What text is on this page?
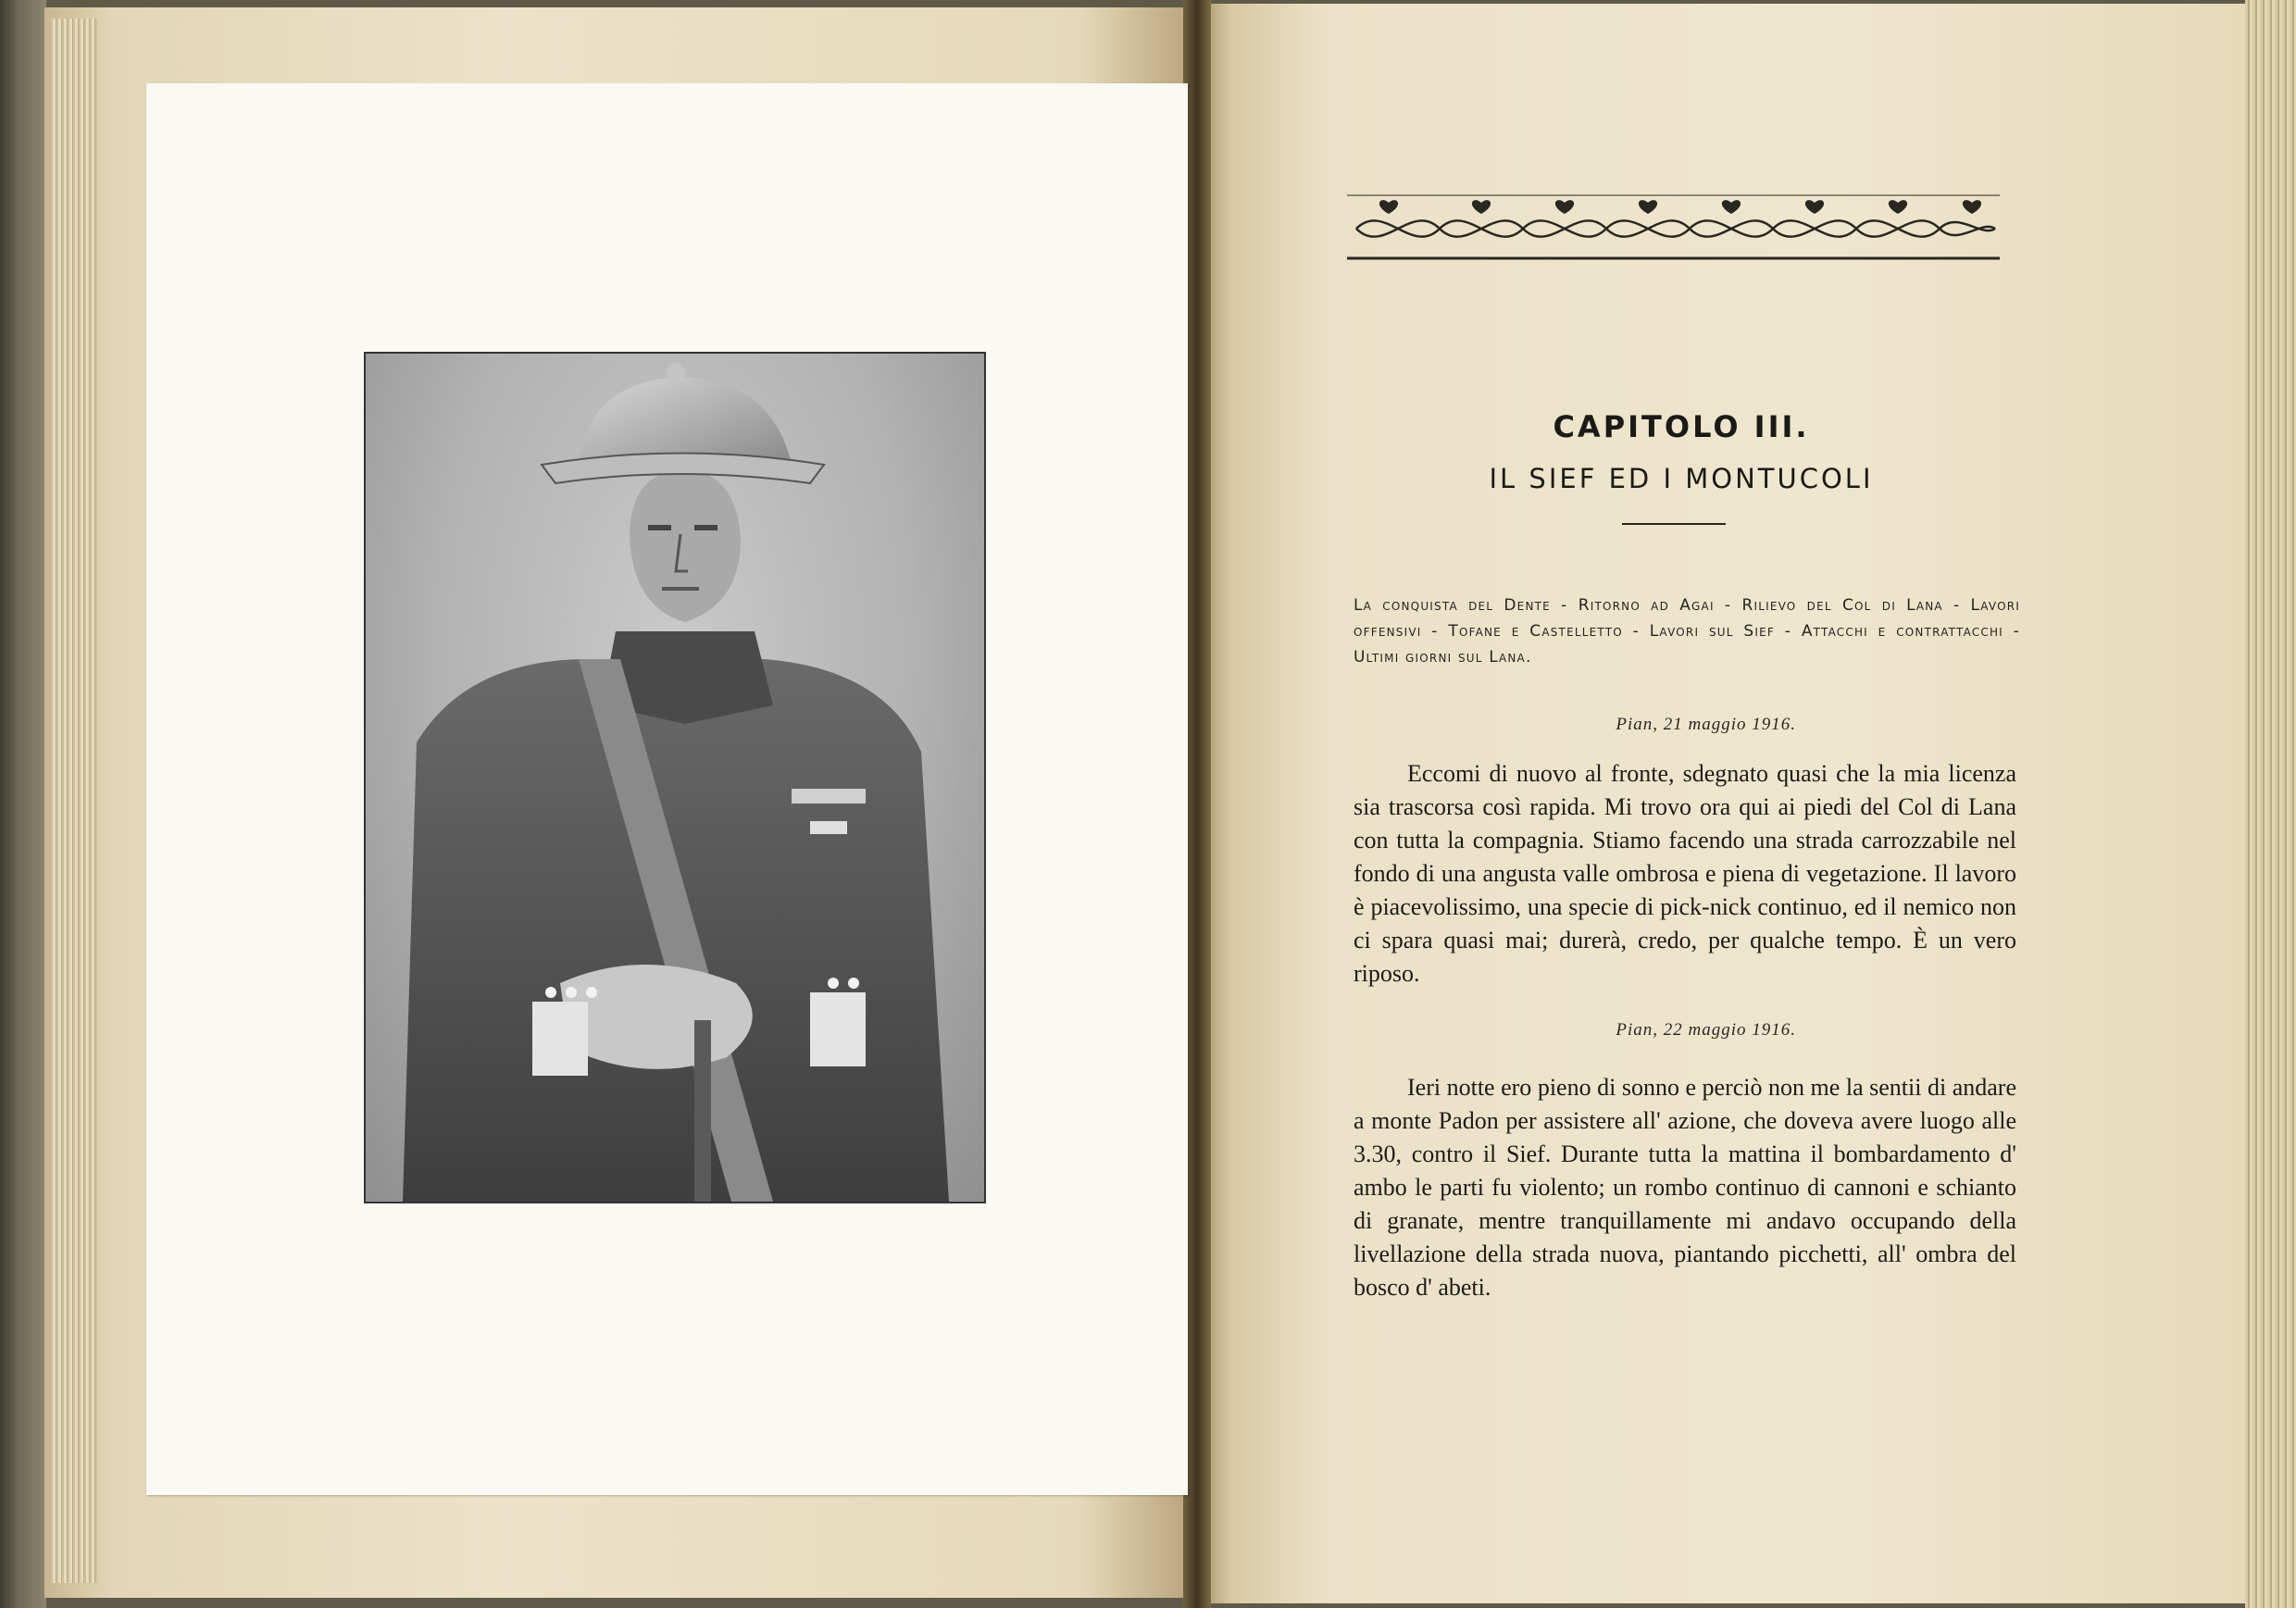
CAPITOLO III.
IL SIEF ED I MONTUCOLI
La conquista del Dente - Ritorno ad Agai - Rilievo del Col di Lana - Lavori offensivi - Tofane e Castelletto - Lavori sul Sief - Attacchi e contrattacchi - Ultimi giorni sul Lana.
Pian, 21 maggio 1916.

Eccomi di nuovo al fronte, sdegnato quasi che la mia licenza sia trascorsa così rapida. Mi trovo ora qui ai piedi del Col di Lana con tutta la compagnia. Stiamo facendo una strada carrozzabile nel fondo di una angusta valle ombrosa e piena di vegetazione. Il lavoro è piacevolissimo, una specie di pick-nick continuo, ed il nemico non ci spara quasi mai; durerà, credo, per qualche tempo. È un vero riposo.

Pian, 22 maggio 1916.

Ieri notte ero pieno di sonno e perciò non me la sentii di andare a monte Padon per assistere all' azione, che doveva avere luogo alle 3.30, contro il Sief. Durante tutta la mattina il bombardamento d' ambo le parti fu violento; un rombo continuo di cannoni e schianto di granate, mentre tranquillamente mi andavo occupando della livellazione della strada nuova, piantando picchetti, all' ombra del bosco d' abeti.
